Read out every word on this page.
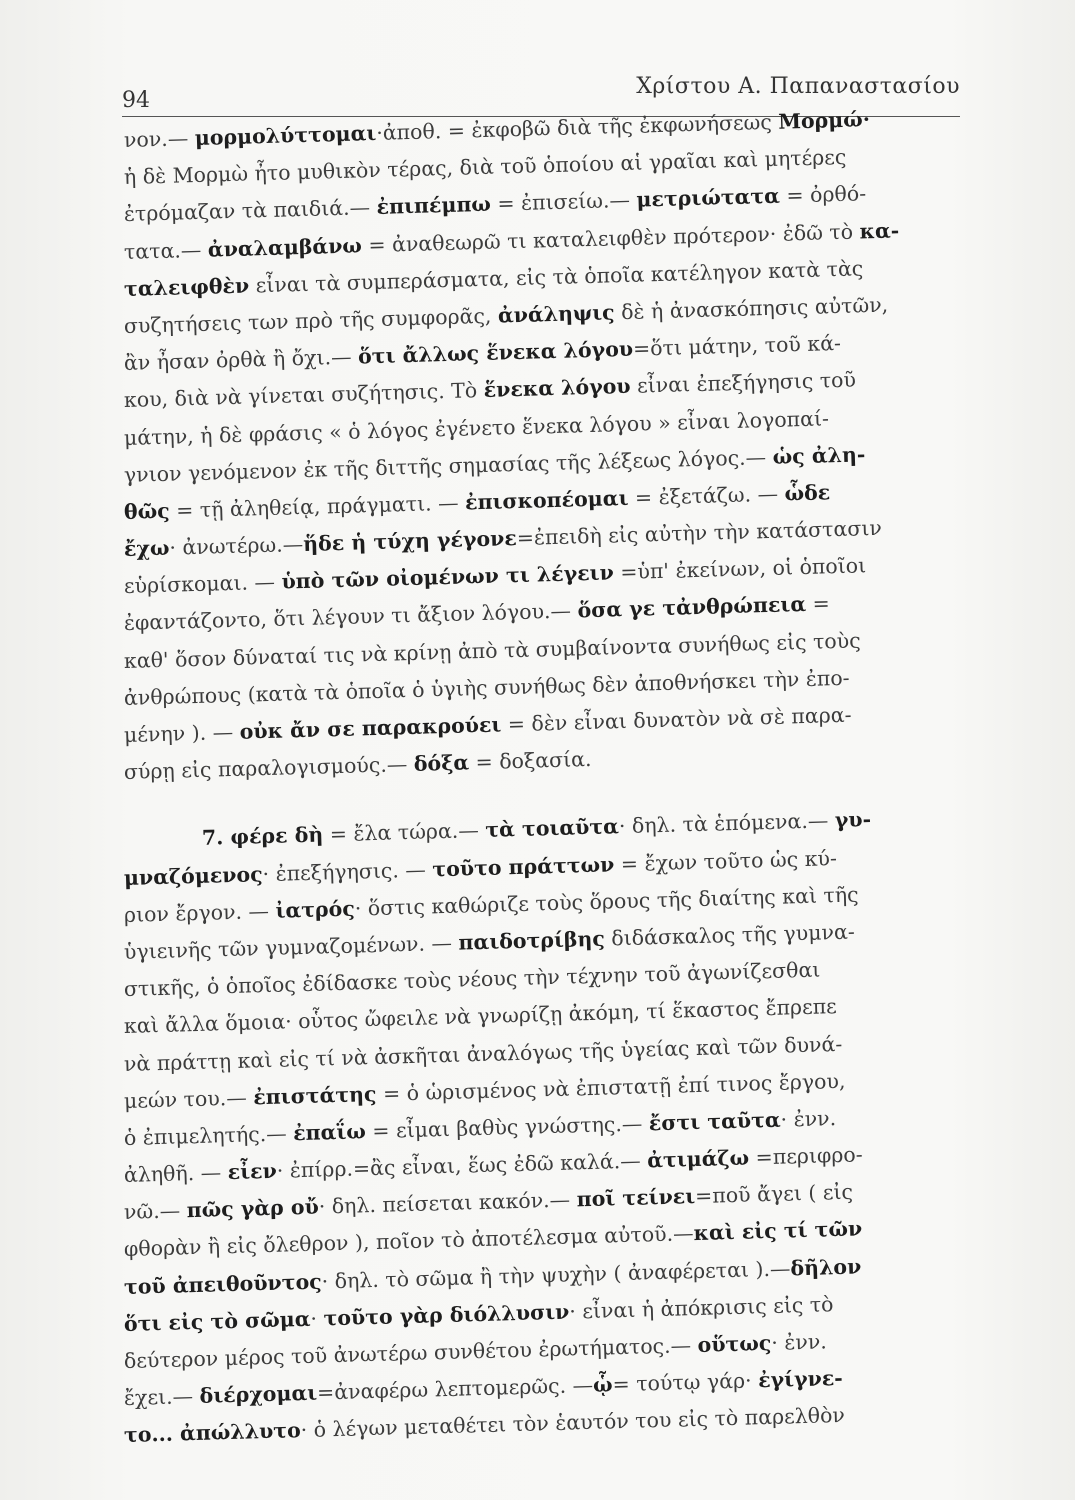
94
Χρίστου Α. Παπαναστασίου
νον.— μορμολύττομαι·ἀποθ. = ἐκφοβῶ διὰ τῆς ἐκφωνήσεως Μορμώ·
ἡ δὲ Μορμὼ ἦτο μυθικὸν τέρας, διὰ τοῦ ὁποίου αἱ γραῖαι καὶ μητέρες
ἐτρόμαζαν τὰ παιδιά.— ἐπιπέμπω = ἐπισείω.— μετριώτατα = ὀρθό-
τατα.— ἀναλαμβάνω = ἀναθεωρῶ τι καταλειφθὲν πρότερον· ἐδῶ τὸ κα-
ταλειφθὲν εἶναι τὰ συμπεράσματα, εἰς τὰ ὁποῖα κατέληγον κατὰ τὰς
συζητήσεις των πρὸ τῆς συμφορᾶς, ἀνάληψις δὲ ἡ ἀνασκόπησις αὐτῶν,
ἂν ἦσαν ὀρθὰ ἢ ὄχι.— ὅτι ἄλλως ἕνεκα λόγου=ὅτι μάτην, τοῦ κά-
κου, διὰ νὰ γίνεται συζήτησις. Τὸ ἕνεκα λόγου εἶναι ἐπεξήγησις τοῦ
μάτην, ἡ δὲ φράσις « ὁ λόγος ἐγένετο ἕνεκα λόγου » εἶναι λογοπαί-
γνιον γενόμενον ἐκ τῆς διττῆς σημασίας τῆς λέξεως λόγος.— ὡς ἀλη-
θῶς = τῇ ἀληθείᾳ, πράγματι. — ἐπισκοπέομαι = ἐξετάζω. — ὧδε
ἔχω· ἀνωτέρω.—ἥδε ἡ τύχη γέγονε=ἐπειδὴ εἰς αὐτὴν τὴν κατάστασιν
εὑρίσκομαι. — ὑπὸ τῶν οἰομένων τι λέγειν =ὑπ' ἐκείνων, οἱ ὁποῖοι
ἐφαντάζοντο, ὅτι λέγουν τι ἄξιον λόγου.— ὅσα γε τἀνθρώπεια =
καθ' ὅσον δύναταί τις νὰ κρίνῃ ἀπὸ τὰ συμβαίνοντα συνήθως εἰς τοὺς
ἀνθρώπους (κατὰ τὰ ὁποῖα ὁ ὑγιὴς συνήθως δὲν ἀποθνήσκει τὴν ἐπο-
μένην ). — οὐκ ἄν σε παρακρούει = δὲν εἶναι δυνατὸν νὰ σὲ παρα-
σύρῃ εἰς παραλογισμούς.— δόξα = δοξασία.
7. φέρε δὴ = ἔλα τώρα.— τὰ τοιαῦτα· δηλ. τὰ ἑπόμενα.— γυ-
μναζόμενος· ἐπεξήγησις. — τοῦτο πράττων = ἔχων τοῦτο ὡς κύ-
ριον ἔργον. — ἰατρός· ὅστις καθώριζε τοὺς ὅρους τῆς διαίτης καὶ τῆς
ὑγιεινῆς τῶν γυμναζομένων. — παιδοτρίβης διδάσκαλος τῆς γυμνα-
στικῆς, ὁ ὁποῖος ἐδίδασκε τοὺς νέους τὴν τέχνην τοῦ ἀγωνίζεσθαι
καὶ ἄλλα ὅμοια· οὗτος ὤφειλε νὰ γνωρίζῃ ἀκόμη, τί ἕκαστος ἔπρεπε
νὰ πράττῃ καὶ εἰς τί νὰ ἀσκῆται ἀναλόγως τῆς ὑγείας καὶ τῶν δυνά-
μεών του.— ἐπιστάτης = ὁ ὡρισμένος νὰ ἐπιστατῇ ἐπί τινος ἔργου,
ὁ ἐπιμελητής.— ἐπαΐω = εἶμαι βαθὺς γνώστης.— ἔστι ταῦτα· ἐνν.
ἀληθῆ. — εἶεν· ἐπίρρ.=ἂς εἶναι, ἕως ἐδῶ καλά.— ἀτιμάζω =περιφρο-
νῶ.— πῶς γὰρ οὔ· δηλ. πείσεται κακόν.— ποῖ τείνει=ποῦ ἄγει ( εἰς
φθορὰν ἢ εἰς ὄλεθρον ), ποῖον τὸ ἀποτέλεσμα αὐτοῦ.—καὶ εἰς τί τῶν
τοῦ ἀπειθοῦντος· δηλ. τὸ σῶμα ἢ τὴν ψυχὴν ( ἀναφέρεται ).—δῆλον
ὅτι εἰς τὸ σῶμα· τοῦτο γὰρ διόλλυσιν· εἶναι ἡ ἀπόκρισις εἰς τὸ
δεύτερον μέρος τοῦ ἀνωτέρω συνθέτου ἐρωτήματος.— οὕτως· ἐνν.
ἔχει.— διέρχομαι=ἀναφέρω λεπτομερῶς. —ᾧ= τούτῳ γάρ· ἐγίγνε-
το... ἀπώλλυτο· ὁ λέγων μεταθέτει τὸν ἑαυτόν του εἰς τὸ παρελθὸν
